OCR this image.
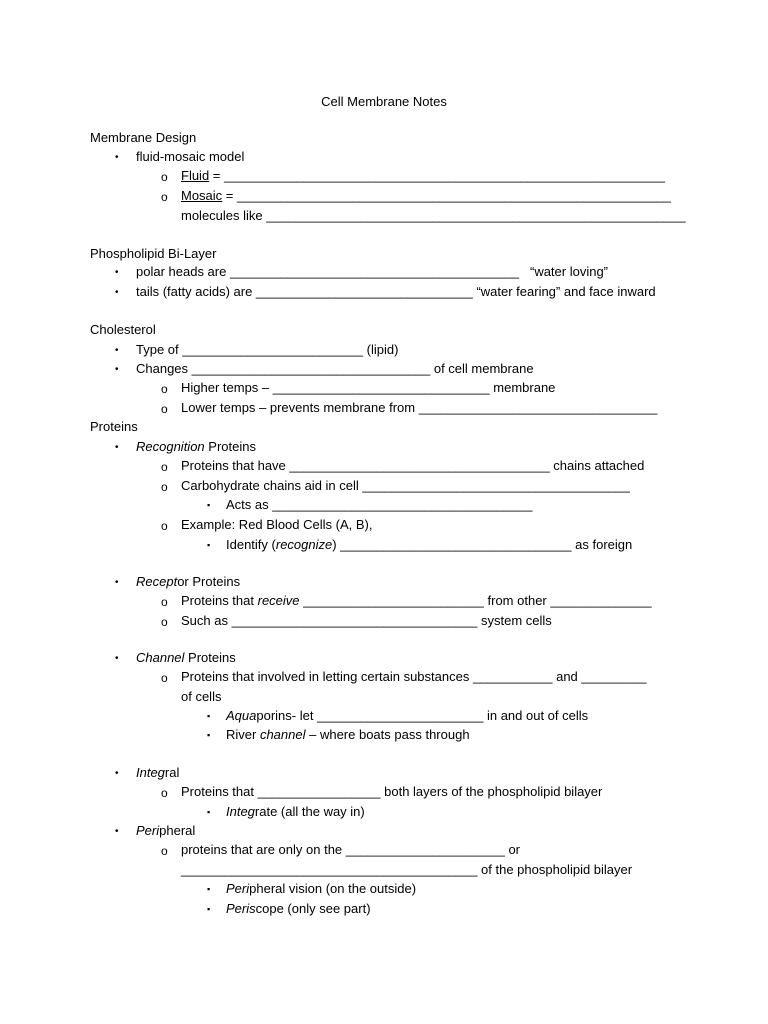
Cell Membrane Notes
Membrane Design
• fluid-mosaic model
o Fluid = _____________________________________________________________
o Mosaic = ____________________________________________________________
molecules like __________________________________________________________
Phospholipid Bi-Layer
• polar heads are ________________________________________   “water loving”
• tails (fatty acids) are ______________________________ “water fearing” and face inward
Cholesterol
• Type of _________________________ (lipid)
• Changes _________________________________ of cell membrane
o Higher temps – ______________________________ membrane
o Lower temps – prevents membrane from _________________________________
Proteins
• Recognition Proteins
o Proteins that have ____________________________________ chains attached
o Carbohydrate chains aid in cell _____________________________________
▪ Acts as ____________________________________
o Example: Red Blood Cells (A, B),
▪ Identify (recognize) ________________________________ as foreign
• Receptor Proteins
o Proteins that receive _________________________ from other ______________
o Such as __________________________________ system cells
• Channel Proteins
o Proteins that involved in letting certain substances ___________ and _________
of cells
▪ Aquaporins- let _______________________ in and out of cells
▪ River channel – where boats pass through
• Integral
o Proteins that _________________ both layers of the phospholipid bilayer
▪ Integrate (all the way in)
• Peripheral
o proteins that are only on the ______________________ or
_________________________________________ of the phospholipid bilayer
▪ Peripheral vision (on the outside)
▪ Periscope (only see part)
